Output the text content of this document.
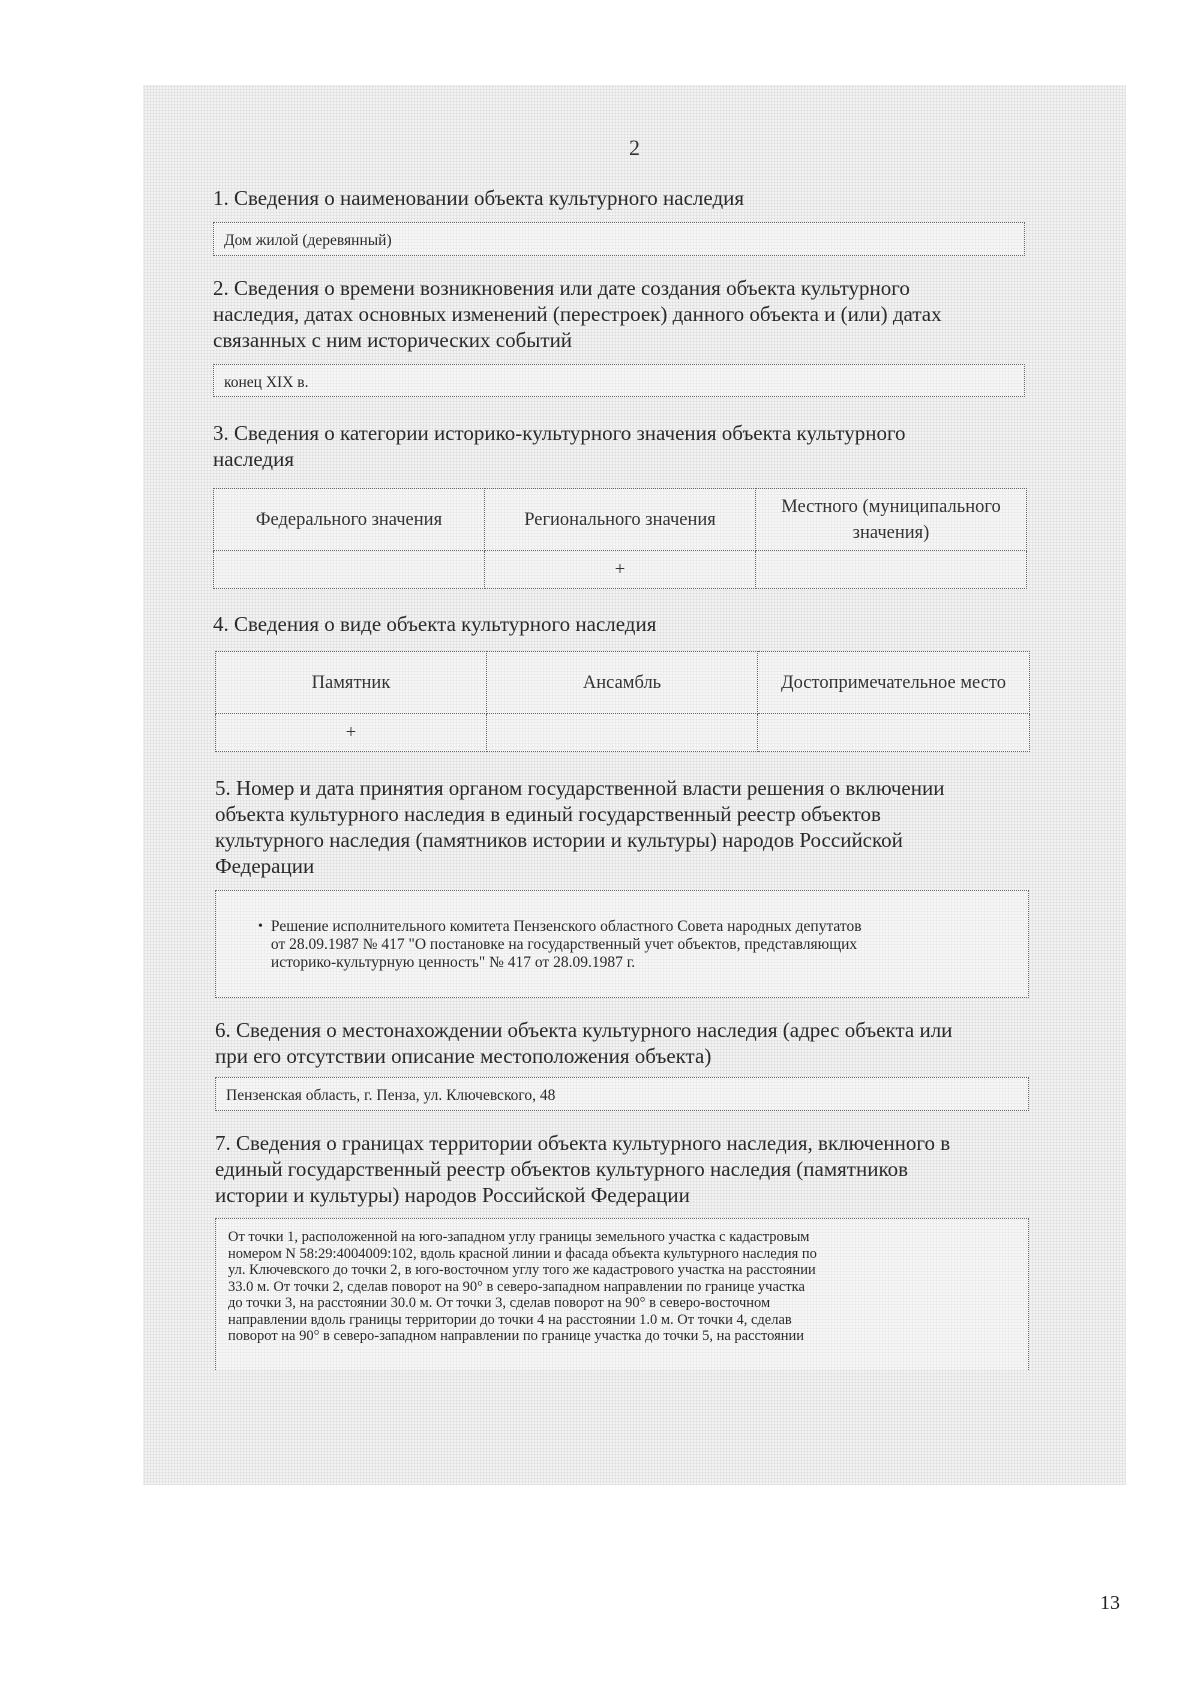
2
1. Сведения о наименовании объекта культурного наследия
Дом жилой (деревянный)
2. Сведения о времени возникновения или дате создания объекта культурного
наследия, датах основных изменений (перестроек) данного объекта и (или) датах
связанных с ним исторических событий
конец XIX в.
3. Сведения о категории историко-культурного значения объекта культурного
наследия
Федерального значения	Регионального значения	Местного (муниципального значения)
	+	
4. Сведения о виде объекта культурного наследия
Памятник	Ансамбль	Достопримечательное место
+		
5. Номер и дата принятия органом государственной власти решения о включении
объекта культурного наследия в единый государственный реестр объектов
культурного наследия (памятников истории и культуры) народов Российской
Федерации
• Решение исполнительного комитета Пензенского областного Совета народных депутатов
от 28.09.1987 № 417 "О постановке на государственный учет объектов, представляющих
историко-культурную ценность" № 417 от 28.09.1987 г.
6. Сведения о местонахождении объекта культурного наследия (адрес объекта или
при его отсутствии описание местоположения объекта)
Пензенская область, г. Пенза, ул. Ключевского, 48
7. Сведения о границах территории объекта культурного наследия, включенного в
единый государственный реестр объектов культурного наследия (памятников
истории и культуры) народов Российской Федерации
От точки 1, расположенной на юго-западном углу границы земельного участка с кадастровым
номером N 58:29:4004009:102, вдоль красной линии и фасада объекта культурного наследия по
ул. Ключевского до точки 2, в юго-восточном углу того же кадастрового участка на расстоянии
33.0 м. От точки 2, сделав поворот на 90° в северо-западном направлении по границе участка
до точки 3, на расстоянии 30.0 м. От точки 3, сделав поворот на 90° в северо-восточном
направлении вдоль границы территории до точки 4 на расстоянии 1.0 м. От точки 4, сделав
поворот на 90° в северо-западном направлении по границе участка до точки 5, на расстоянии
13
